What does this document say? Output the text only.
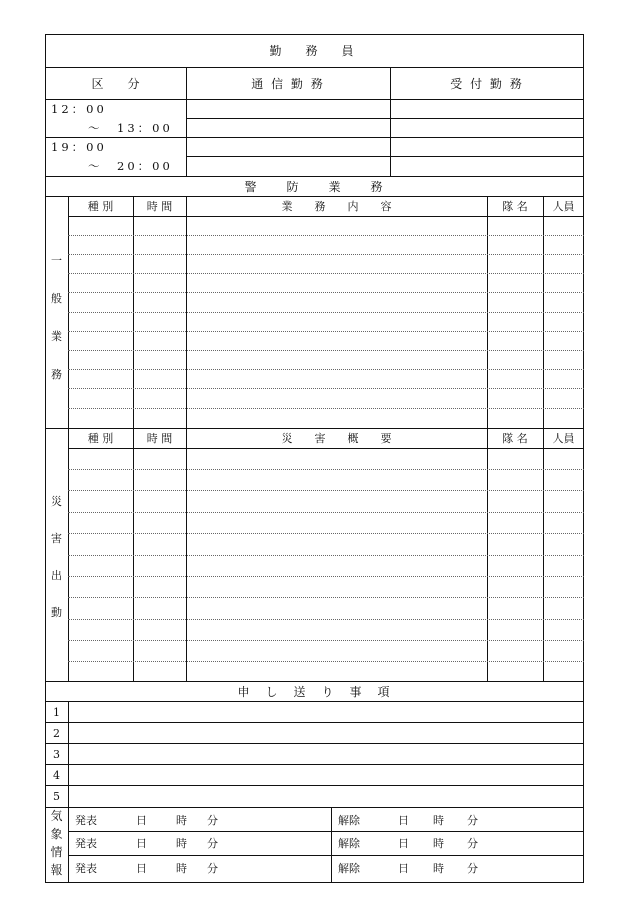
勤　務　員
区　　分	通 信 勤 務	受 付 勤 務
12：00
～　13：00
19：00
～　20：00
警　　防　　業　　務
種 別	時 間	業　　務　　内　　容	隊 名	人員
一
般
業
務
種 別	時 間	災　　害　　概　　要	隊 名	人員
災
害
出
動
申　し　送　り　事　項
1
2
3
4
5
気
象
情
報
発表	日	時 分	解除	日 時 分
発表	日	時 分	解除	日 時 分
発表	日	時 分	解除	日 時 分
